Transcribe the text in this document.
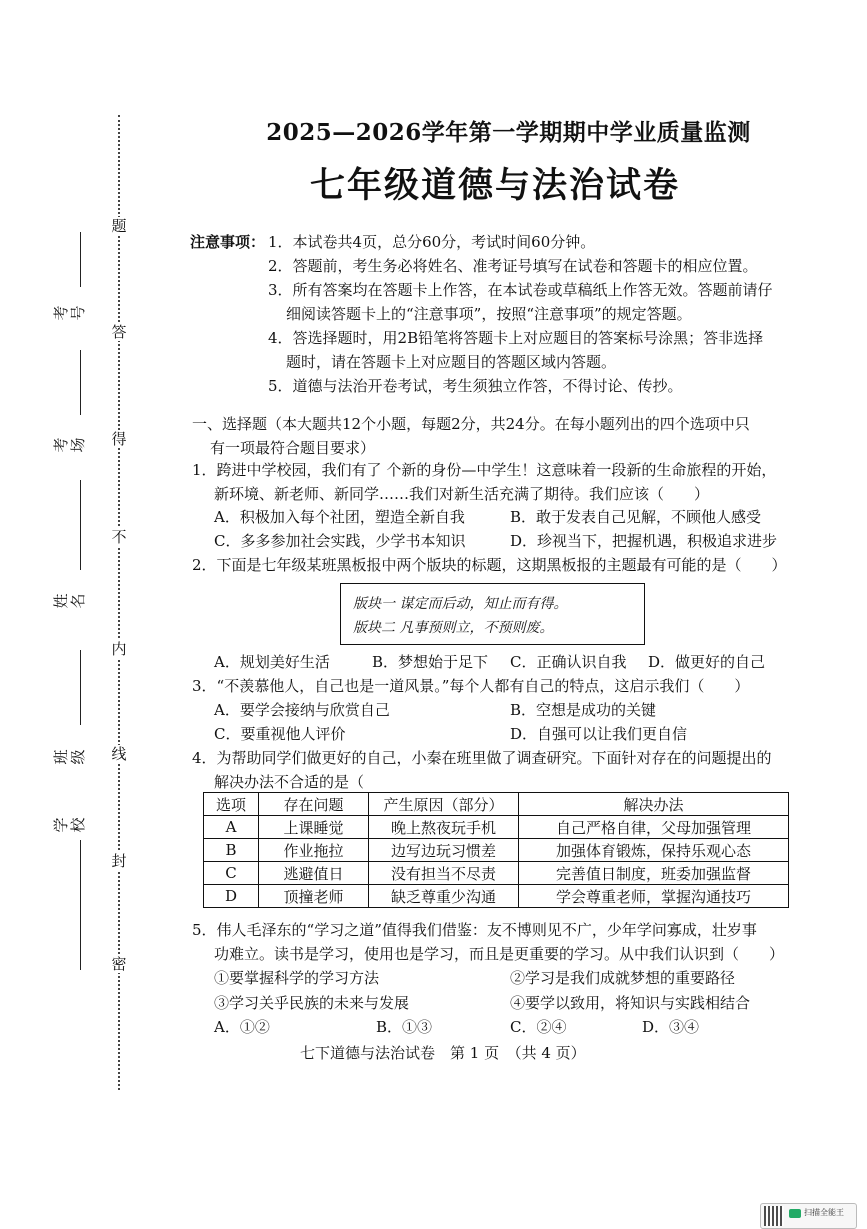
题
答
得
不
内
线
封
密
考号
考场
姓名
班级
学校
2025—2026学年第一学期期中学业质量监测
七年级道德与法治试卷
注意事项： 1．本试卷共4页，总分60分，考试时间60分钟。
2．答题前，考生务必将姓名、准考证号填写在试卷和答题卡的相应位置。
3．所有答案均在答题卡上作答，在本试卷或草稿纸上作答无效。答题前请仔
细阅读答题卡上的“注意事项”，按照“注意事项”的规定答题。
4．答选择题时，用2B铅笔将答题卡上对应题目的答案标号涂黑；答非选择
题时，请在答题卡上对应题目的答题区域内答题。
5．道德与法治开卷考试，考生须独立作答，不得讨论、传抄。
一、选择题（本大题共12个小题，每题2分，共24分。在每小题列出的四个选项中只
有一项最符合题目要求）
1．跨进中学校园，我们有了 个新的身份—中学生！这意味着一段新的生命旅程的开始，
新环境、新老师、新同学……我们对新生活充满了期待。我们应该（　　）
A．积极加入每个社团，塑造全新自我	B．敢于发表自己见解，不顾他人感受
C．多多参加社会实践，少学书本知识	D．珍视当下，把握机遇，积极追求进步
2．下面是七年级某班黑板报中两个版块的标题，这期黑板报的主题最有可能的是（　　）
版块一 谋定而后动，知止而有得。
版块二 凡事预则立，不预则废。
A．规划美好生活	B．梦想始于足下 C．正确认识自我 D．做更好的自己
3．“不羡慕他人，自己也是一道风景。”每个人都有自己的特点，这启示我们（　　）
A．要学会接纳与欣赏自己	B．空想是成功的关键
C．要重视他人评价	D．自强可以让我们更自信
4．为帮助同学们做更好的自己，小秦在班里做了调查研究。下面针对存在的问题提出的
解决办法不合适的是（
选项	存在问题	产生原因（部分）	解决办法
A	上课睡觉	晚上熬夜玩手机	自己严格自律，父母加强管理
B	作业拖拉	边写边玩习惯差	加强体育锻炼，保持乐观心态
C	逃避值日	没有担当不尽责	完善值日制度，班委加强监督
D	顶撞老师	缺乏尊重少沟通	学会尊重老师，掌握沟通技巧
5．伟人毛泽东的“学习之道”值得我们借鉴：友不博则见不广，少年学问寡成，壮岁事
功难立。读书是学习，使用也是学习，而且是更重要的学习。从中我们认识到（　　）
①要掌握科学的学习方法	②学习是我们成就梦想的重要路径
③学习关乎民族的未来与发展	④要学以致用，将知识与实践相结合
A．①②	B．①③	C．②④	D．③④
七下道德与法治试卷　第 1 页　（共 4 页）
扫描全能王
